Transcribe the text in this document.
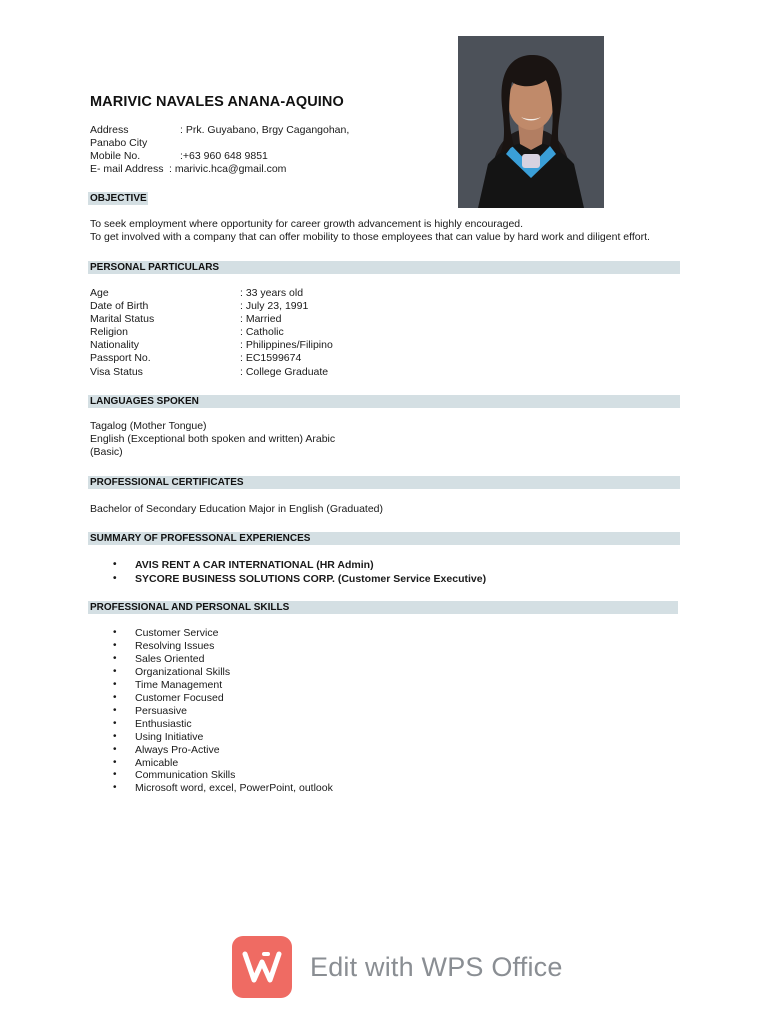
MARIVIC NAVALES ANANA-AQUINO
Address	: Prk. Guyabano, Brgy Cagangohan,
Panabo City
Mobile No.	:+63 960 648 9851
E- mail Address : marivic.hca@gmail.com
OBJECTIVE
To seek employment where opportunity for career growth advancement is highly encouraged.
To get involved with a company that can offer mobility to those employees that can value by hard work and diligent effort.
PERSONAL PARTICULARS
Age	: 33 years old
Date of Birth	: July 23, 1991
Marital Status	: Married
Religion	: Catholic
Nationality	: Philippines/Filipino
Passport No.	: EC1599674
Visa Status	: College Graduate
LANGUAGES SPOKEN
Tagalog (Mother Tongue)
English (Exceptional both spoken and written) Arabic
(Basic)
PROFESSIONAL CERTIFICATES
Bachelor of Secondary Education Major in English (Graduated)
SUMMARY OF PROFESSONAL EXPERIENCES
• AVIS RENT A CAR INTERNATIONAL (HR Admin)
• SYCORE BUSINESS SOLUTIONS CORP. (Customer Service Executive)
PROFESSIONAL AND PERSONAL SKILLS
• Customer Service
• Resolving Issues
• Sales Oriented
• Organizational Skills
• Time Management
• Customer Focused
• Persuasive
• Enthusiastic
• Using Initiative
• Always Pro-Active
• Amicable
• Communication Skills
• Microsoft word, excel, PowerPoint, outlook
Edit with WPS Office
